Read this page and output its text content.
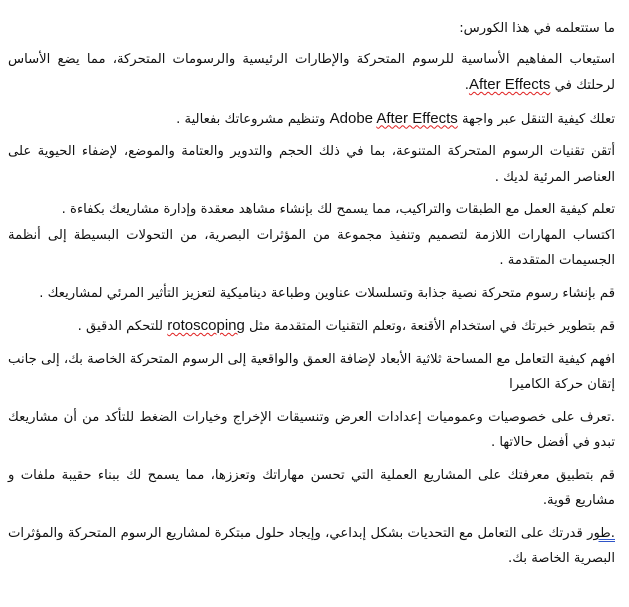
ما ستتعلمه في هذا الكورس:
استيعاب المفاهيم الأساسية للرسوم المتحركة والإطارات الرئيسية والرسومات المتحركة، مما يضع الأساس لرحلتك في After Effects.
تعلك كيفية التنقل عبر واجهة Adobe After Effects وتنظيم مشروعاتك بفعالية .
أتقن تقنيات الرسوم المتحركة المتنوعة، بما في ذلك الحجم والتدوير والعتامة والموضع، لإضفاء الحيوية على العناصر المرئية لديك .
تعلم كيفية العمل مع الطبقات والتراكيب، مما يسمح لك بإنشاء مشاهد معقدة وإدارة مشاريعك بكفاءة .
اكتساب المهارات اللازمة لتصميم وتنفيذ مجموعة من المؤثرات البصرية، من التحولات البسيطة إلى أنظمة الجسيمات المتقدمة .
قم بإنشاء رسوم متحركة نصية جذابة وتسلسلات عناوين وطباعة ديناميكية لتعزيز التأثير المرئي لمشاريعك .
قم بتطوير خبرتك في استخدام الأقنعة ،وتعلم التقنيات المتقدمة مثل rotoscoping للتحكم الدقيق .
افهم كيفية التعامل مع المساحة ثلاثية الأبعاد لإضافة العمق والواقعية إلى الرسوم المتحركة الخاصة بك، إلى جانب إتقان حركة الكاميرا
.تعرف على خصوصيات وعموميات إعدادات العرض وتنسيقات الإخراج وخيارات الضغط للتأكد من أن مشاريعك تبدو في أفضل حالاتها .
قم بتطبيق معرفتك على المشاريع العملية التي تحسن مهاراتك وتعززها، مما يسمح لك ببناء حقيبة ملفات و مشاريع قوية.
.طور قدرتك على التعامل مع التحديات بشكل إبداعي، وإيجاد حلول مبتكرة لمشاريع الرسوم المتحركة والمؤثرات البصرية الخاصة بك.
